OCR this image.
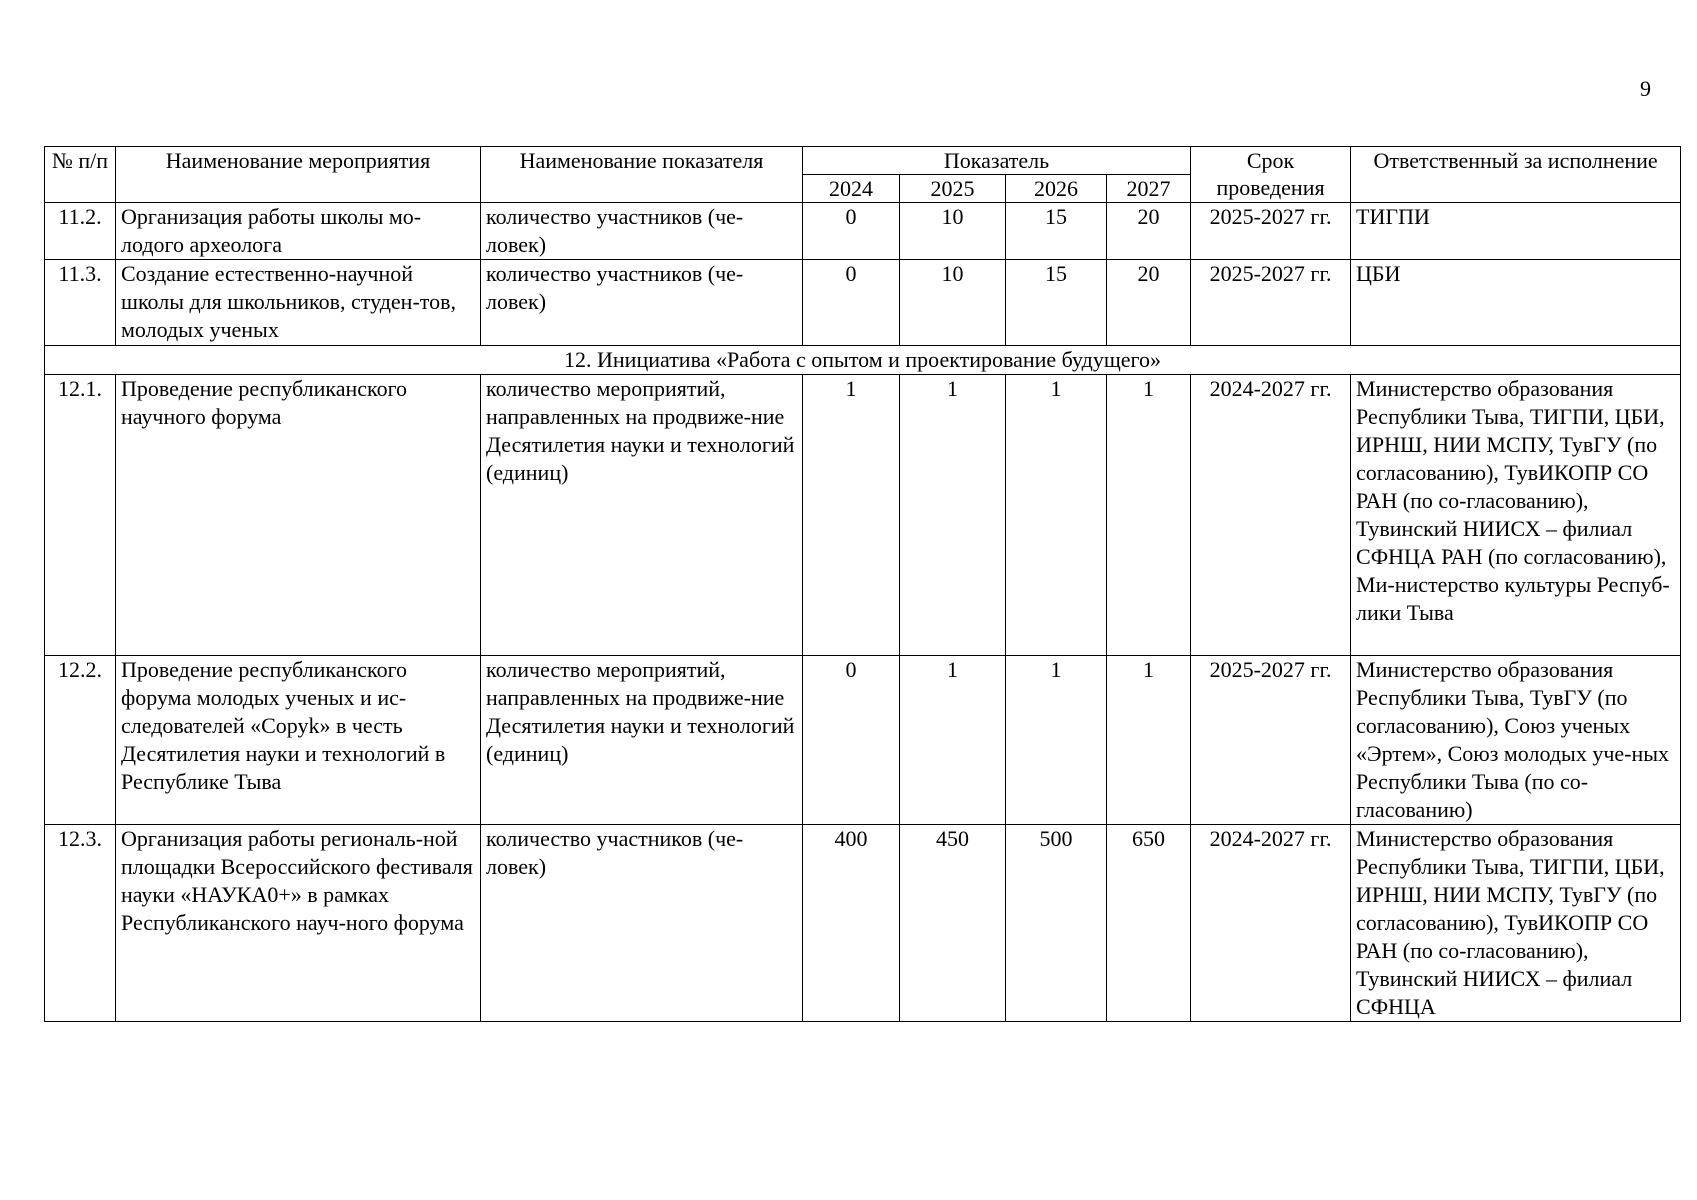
9
№ п/п	Наименование мероприятия	Наименование показателя	Показатель				Срок проведения	Ответственный за исполнение
			2024	2025	2026	2027		
11.2.	Организация работы школы мо-лодого археолога	количество участников (че-ловек)	0	10	15	20	2025-2027 гг.	ТИГПИ
11.3.	Создание естественно-научной школы для школьников, студен-тов, молодых ученых	количество участников (че-ловек)	0	10	15	20	2025-2027 гг.	ЦБИ
12. Инициатива «Работа с опытом и проектирование будущего»								
12.1.	Проведение республиканского научного форума	количество мероприятий, направленных на продвиже-ние Десятилетия науки и технологий (единиц)	1	1	1	1	2024-2027 гг.	Министерство образования Республики Тыва, ТИГПИ, ЦБИ, ИРНШ, НИИ МСПУ, ТувГУ (по согласованию), ТувИКОПР СО РАН (по со-гласованию), Тувинский НИИСХ – филиал СФНЦА РАН (по согласованию), Ми-нистерство культуры Респуб-лики Тыва
12.2.	Проведение республиканского форума молодых ученых и ис-следователей «Соруk» в честь Десятилетия науки и технологий в Республике Тыва	количество мероприятий, направленных на продвиже-ние Десятилетия науки и технологий (единиц)	0	1	1	1	2025-2027 гг.	Министерство образования Республики Тыва, ТувГУ (по согласованию), Союз ученых «Эртем», Союз молодых уче-ных Республики Тыва (по со-гласованию)
12.3.	Организация работы региональ-ной площадки Всероссийского фестиваля науки «НАУКА0+» в рамках Республиканского науч-ного форума	количество участников (че-ловек)	400	450	500	650	2024-2027 гг.	Министерство образования Республики Тыва, ТИГПИ, ЦБИ, ИРНШ, НИИ МСПУ, ТувГУ (по согласованию), ТувИКОПР СО РАН (по со-гласованию), Тувинский НИИСХ – филиал СФНЦА
